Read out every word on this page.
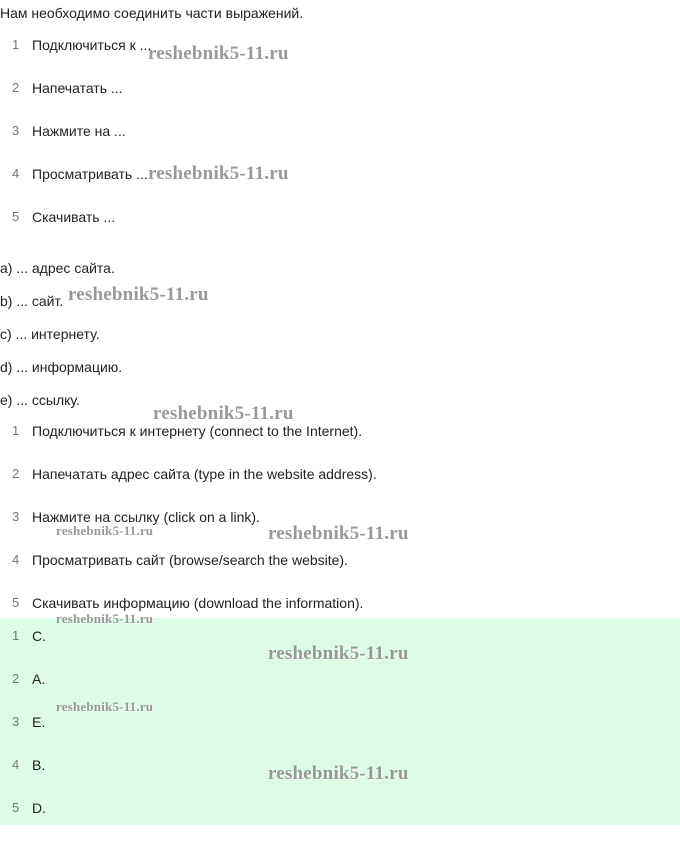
Нам необходимо соединить части выражений.
1 Подключиться к ...
2 Напечатать ...
3 Нажмите на ...
4 Просматривать ...
5 Скачивать ...
a) ... адрес сайта.
b) ... сайт.
c) ... интернету.
d) ... информацию.
e) ... ссылку.
1 Подключиться к интернету (connect to the Internet).
2 Напечатать адрес сайта (type in the website address).
3 Нажмите на ссылку (click on a link).
4 Просматривать сайт (browse/search the website).
5 Скачивать информацию (download the information).
1 C.
2 A.
3 E.
4 B.
5 D.
reshebnik5-11.ru
reshebnik5-11.ru
reshebnik5-11.ru
reshebnik5-11.ru
reshebnik5-11.ru	reshebnik5-11.ru
reshebnik5-11.ru
reshebnik5-11.ru
reshebnik5-11.ru
reshebnik5-11.ru
